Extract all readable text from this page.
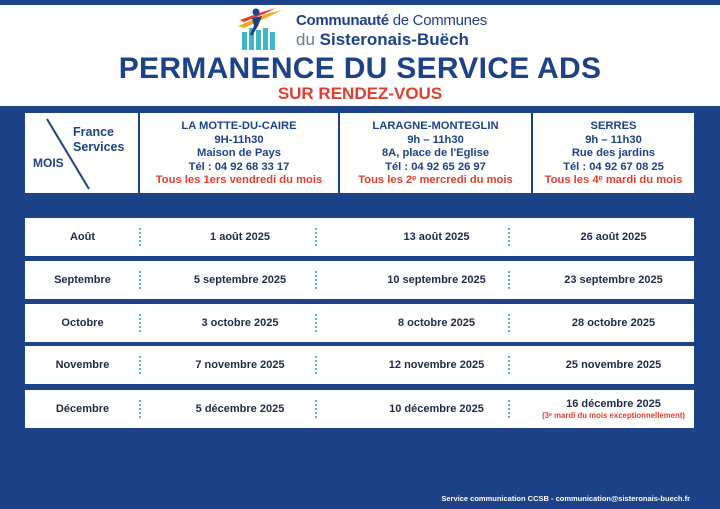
Communauté de Communes
du Sisteronais-Buëch
PERMANENCE DU SERVICE ADS
SUR RENDEZ-VOUS
France Services
MOIS
LA MOTTE-DU-CAIRE
9H-11h30
Maison de Pays
Tél : 04 92 68 33 17
Tous les 1ers vendredi du mois
LARAGNE-MONTEGLIN
9h – 11h30
8A, place de l'Eglise
Tél : 04 92 65 26 97
Tous les 2ᵉ mercredi du mois
SERRES
9h – 11h30
Rue des jardins
Tél : 04 92 67 08 25
Tous les 4ᵉ mardi du mois
Août	1 août 2025	13 août 2025	26 août 2025
Septembre	5 septembre 2025	10 septembre 2025	23 septembre 2025
Octobre	3 octobre 2025	8 octobre 2025	28 octobre 2025
Novembre	7 novembre 2025	12 novembre 2025	25 novembre 2025
Décembre	5 décembre 2025	10 décembre 2025	16 décembre 2025
(3ᵉ mardi du mois exceptionnellement)
Service communication CCSB - communication@sisteronais-buech.fr
